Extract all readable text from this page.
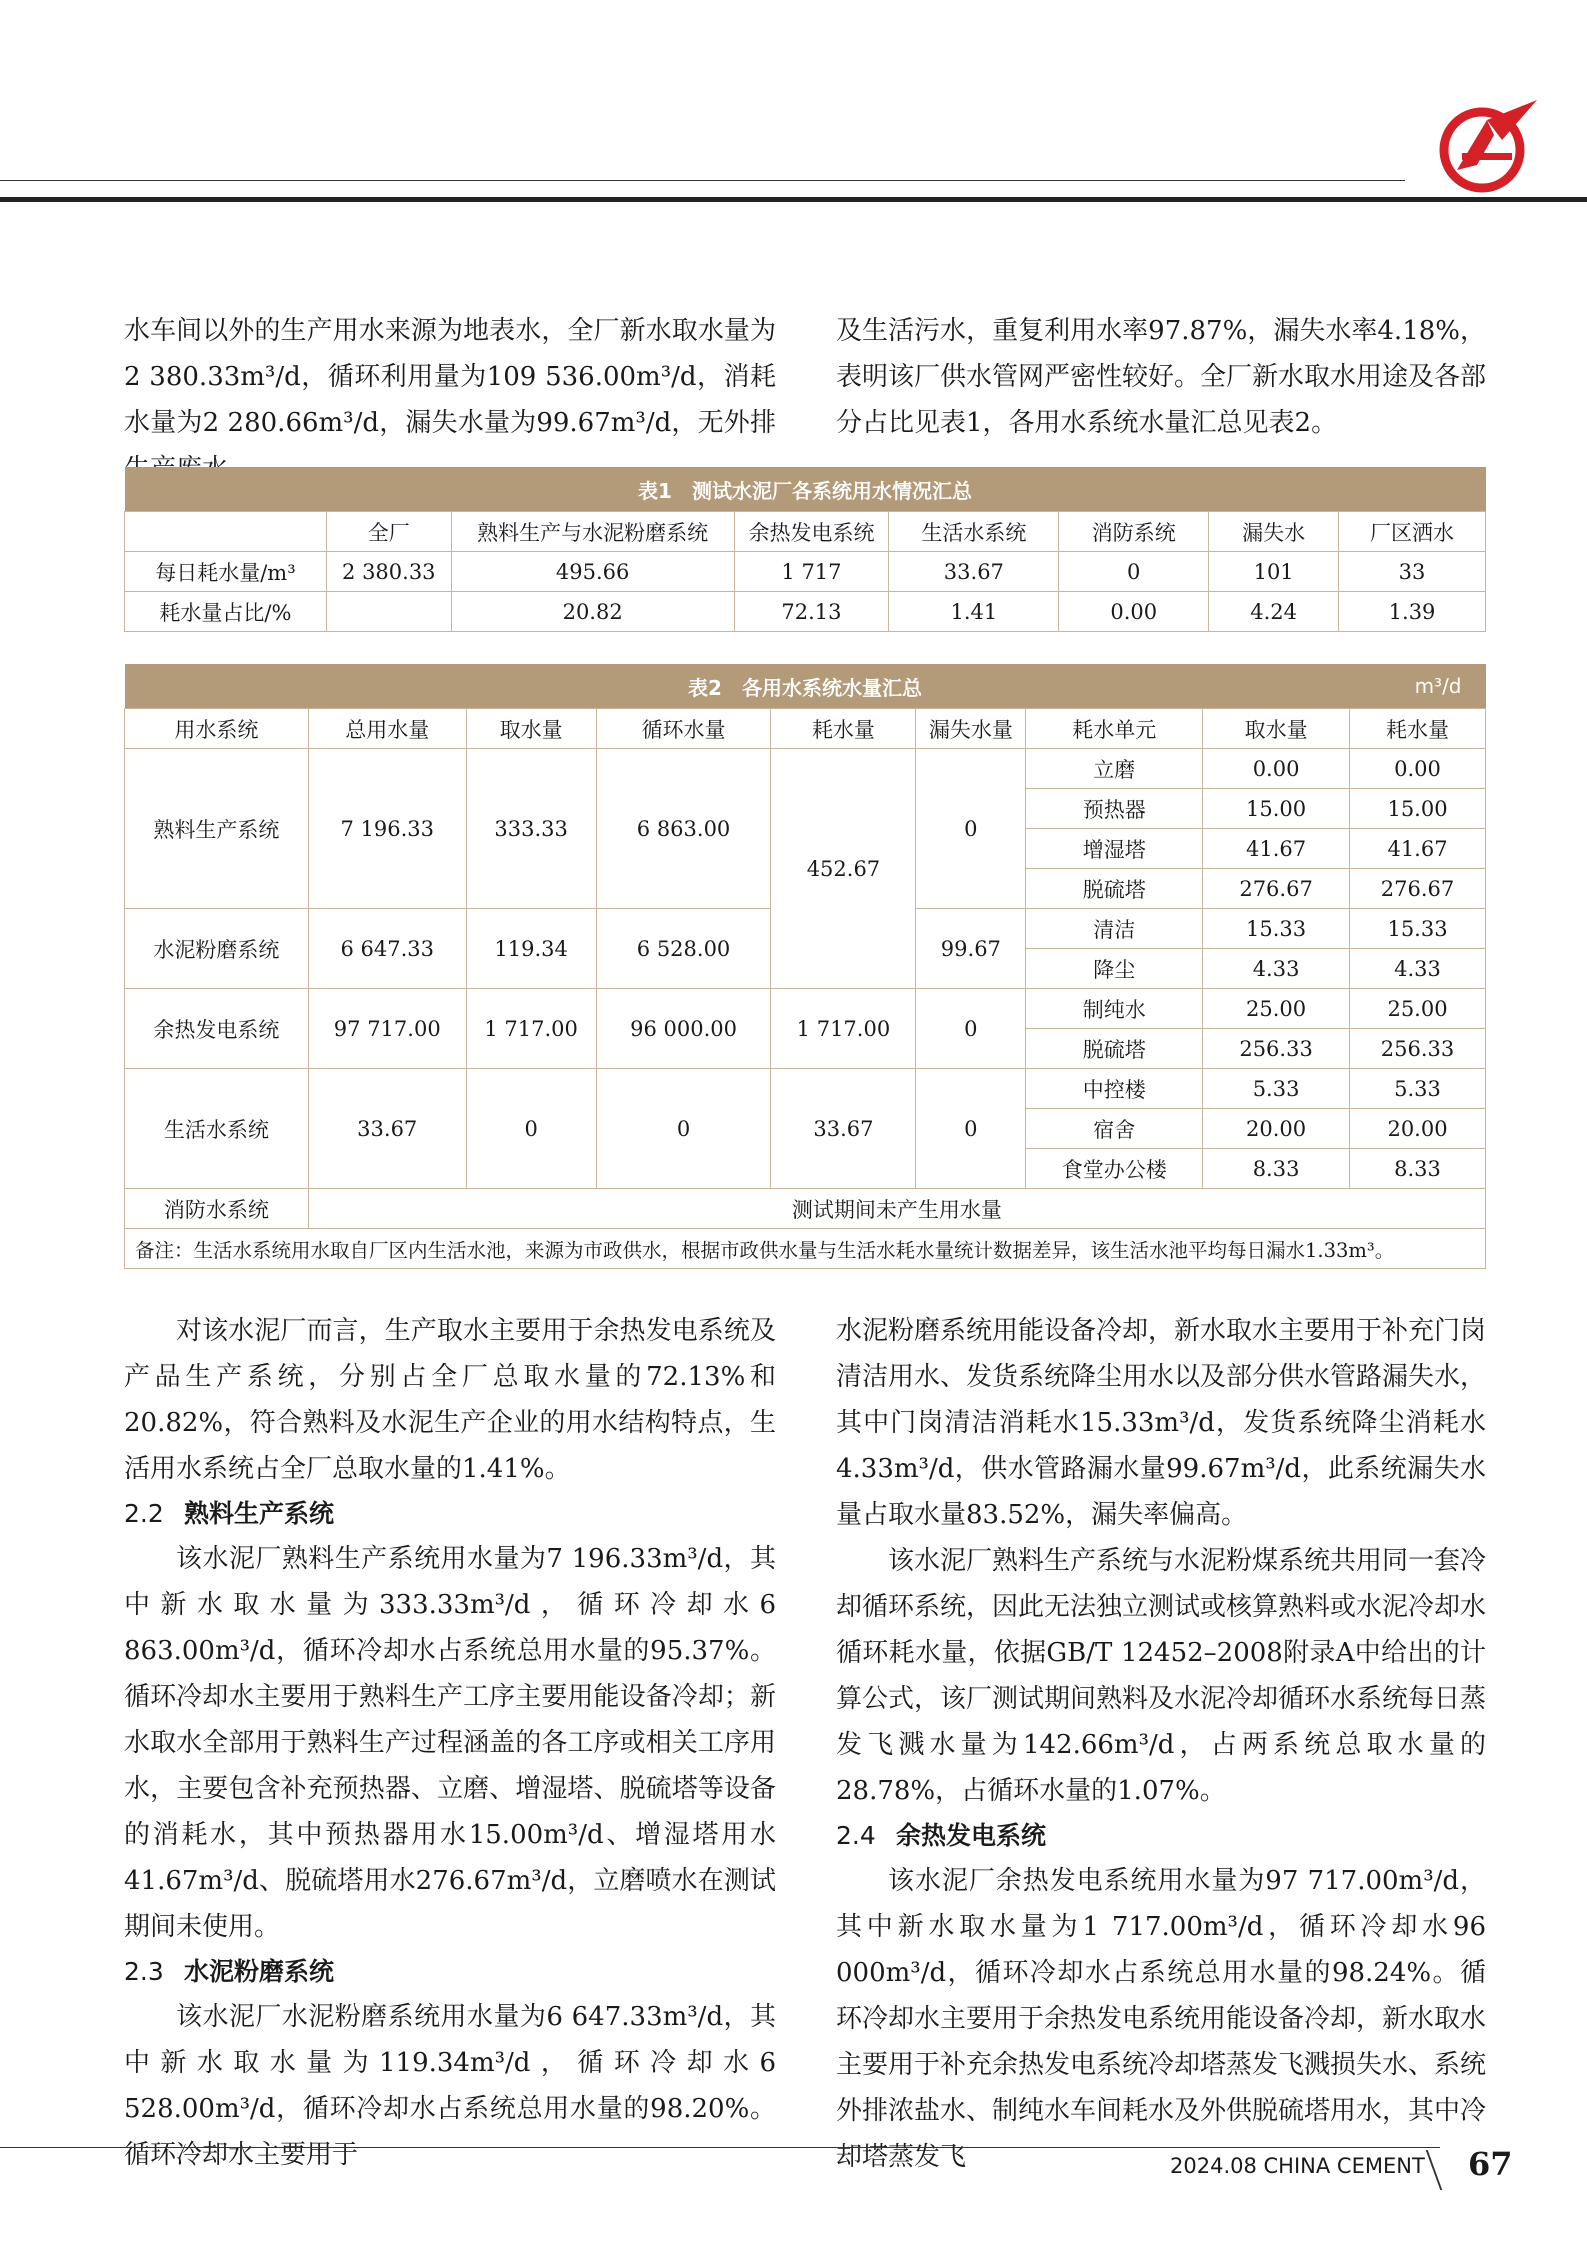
水车间以外的生产用水来源为地表水，全厂新水取水量为2 380.33m³/d，循环利用量为109 536.00m³/d，消耗水量为2 280.66m³/d，漏失水量为99.67m³/d，无外排

及生活污水，重复利用水率97.87%，漏失水率4.18%，表明该厂供水管网严密性较好。全厂新水取水用途及各部分占比见表1，各用水系统水量汇总见表2。

表1　测试水泥厂各系统用水情况汇总							
	全厂	熟料生产与水泥粉磨系统	余热发电系统	生活水系统	消防系统	漏失水	厂区洒水
每日耗水量/m³	2 380.33	495.66	1 717	33.67	0	101	33
耗水量占比/%		20.82	72.13	1.41	0.00	4.24	1.39
表2　各用水系统水量汇总 m³/d								

用水系统	总用水量	取水量	循环水量	耗水量	漏失水量	耗水单元	取水量	耗水量
熟料生产系统	7 196.33	333.33	6 863.00	452.67	0	立磨	0.00	0.00
						预热器	15.00	15.00
						增湿塔	41.67	41.67
						脱硫塔	276.67	276.67
水泥粉磨系统	6 647.33	119.34	6 528.00		99.67	清洁	15.33	15.33
						降尘	4.33	4.33
余热发电系统	97 717.00	1 717.00	96 000.00	1 717.00	0	制纯水	25.00	25.00
						脱硫塔	256.33	256.33
生活水系统	33.67	0	0	33.67	0	中控楼	5.33	5.33
						宿舍	20.00	20.00
						食堂办公楼	8.33	8.33
消防水系统	测试期间未产生用水量							
备注：生活水系统用水取自厂区内生活水池，来源为市政供水，根据市政供水量与生活水耗水量统计数据差异，该生活水池平均每日漏水1.33m³。								

对该水泥厂而言，生产取水主要用于余热发电系统及产品生产系统，分别占全厂总取水量的72.13%和20.82%，符合熟料及水泥生产企业的用水结构特点，生活用水系统占全厂总取水量的1.41%。

2.2 熟料生产系统

该水泥厂熟料生产系统用水量为7 196.33m³/d，其中新水取水量为333.33m³/d，循环冷却水6 863.00m³/d，循环冷却水占系统总用水量的95.37%。循环冷却水主要用于熟料生产工序主要用能设备冷却；新水取水全部用于熟料生产过程涵盖的各工序或相关工序用水，主要包含补充预热器、立磨、增湿塔、脱硫塔等设备的消耗水，其中预热器用水15.00m³/d、增湿塔用水41.67m³/d、脱硫塔用水276.67m³/d，立磨喷水在测试期间未使用。

2.3 水泥粉磨系统

该水泥厂水泥粉磨系统用水量为6 647.33m³/d，其中新水取水量为119.34m³/d，循环冷却水6 528.00m³/d，循环冷却水占系统总用水量的98.20%。循环冷却水主要用于

水泥粉磨系统用能设备冷却，新水取水主要用于补充门岗清洁用水、发货系统降尘用水以及部分供水管路漏失水，其中门岗清洁消耗水15.33m³/d，发货系统降尘消耗水4.33m³/d，供水管路漏水量99.67m³/d，此系统漏失水量占取水量83.52%，漏失率偏高。

该水泥厂熟料生产系统与水泥粉煤系统共用同一套冷却循环系统，因此无法独立测试或核算熟料或水泥冷却水循环耗水量，依据GB/T 12452–2008附录A中给出的计算公式，该厂测试期间熟料及水泥冷却循环水系统每日蒸发飞溅水量为142.66m³/d，占两系统总取水量的28.78%，占循环水量的1.07%。

2.4 余热发电系统

该水泥厂余热发电系统用水量为97 717.00m³/d，其中新水取水量为1 717.00m³/d，循环冷却水96 000m³/d，循环冷却水占系统总用水量的98.24%。循环冷却水主要用于余热发电系统用能设备冷却，新水取水主要用于补充余热发电系统冷却塔蒸发飞溅损失水、系统外排浓盐水、制纯水车间耗水及外供脱硫塔用水，其中冷却塔蒸发飞	2024.08 CHINA CEMENT 67
